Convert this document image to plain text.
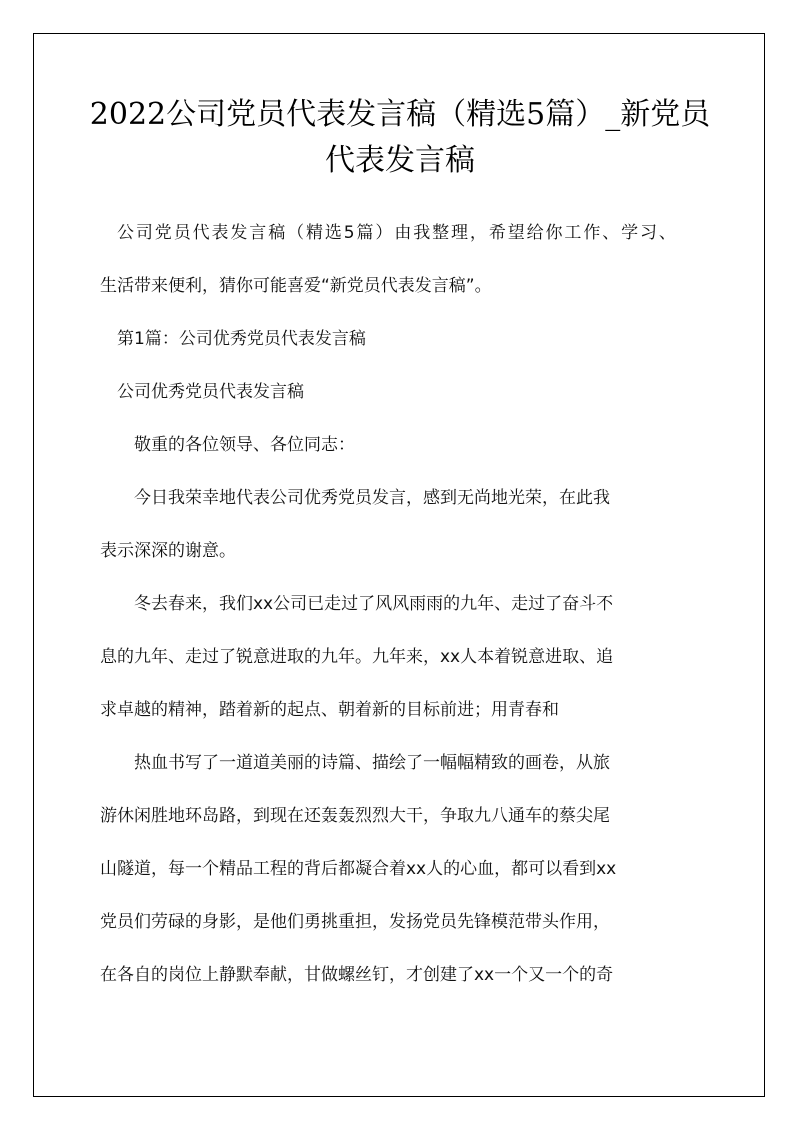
2022公司党员代表发言稿（精选5篇）_新党员
代表发言稿

公司党员代表发言稿（精选5篇）由我整理，希望给你工作、学习、

生活带来便利，猜你可能喜爱“新党员代表发言稿”。

第1篇：公司优秀党员代表发言稿

公司优秀党员代表发言稿

敬重的各位领导、各位同志：

今日我荣幸地代表公司优秀党员发言，感到无尚地光荣，在此我

表示深深的谢意。

冬去春来，我们xx公司已走过了风风雨雨的九年、走过了奋斗不

息的九年、走过了锐意进取的九年。九年来，xx人本着锐意进取、追

求卓越的精神，踏着新的起点、朝着新的目标前进；用青春和

热血书写了一道道美丽的诗篇、描绘了一幅幅精致的画卷，从旅

游休闲胜地环岛路，到现在还轰轰烈烈大干，争取九八通车的蔡尖尾

山隧道，每一个精品工程的背后都凝合着xx人的心血，都可以看到xx

党员们劳碌的身影，是他们勇挑重担，发扬党员先锋模范带头作用，

在各自的岗位上静默奉献，甘做螺丝钉，才创建了xx一个又一个的奇
